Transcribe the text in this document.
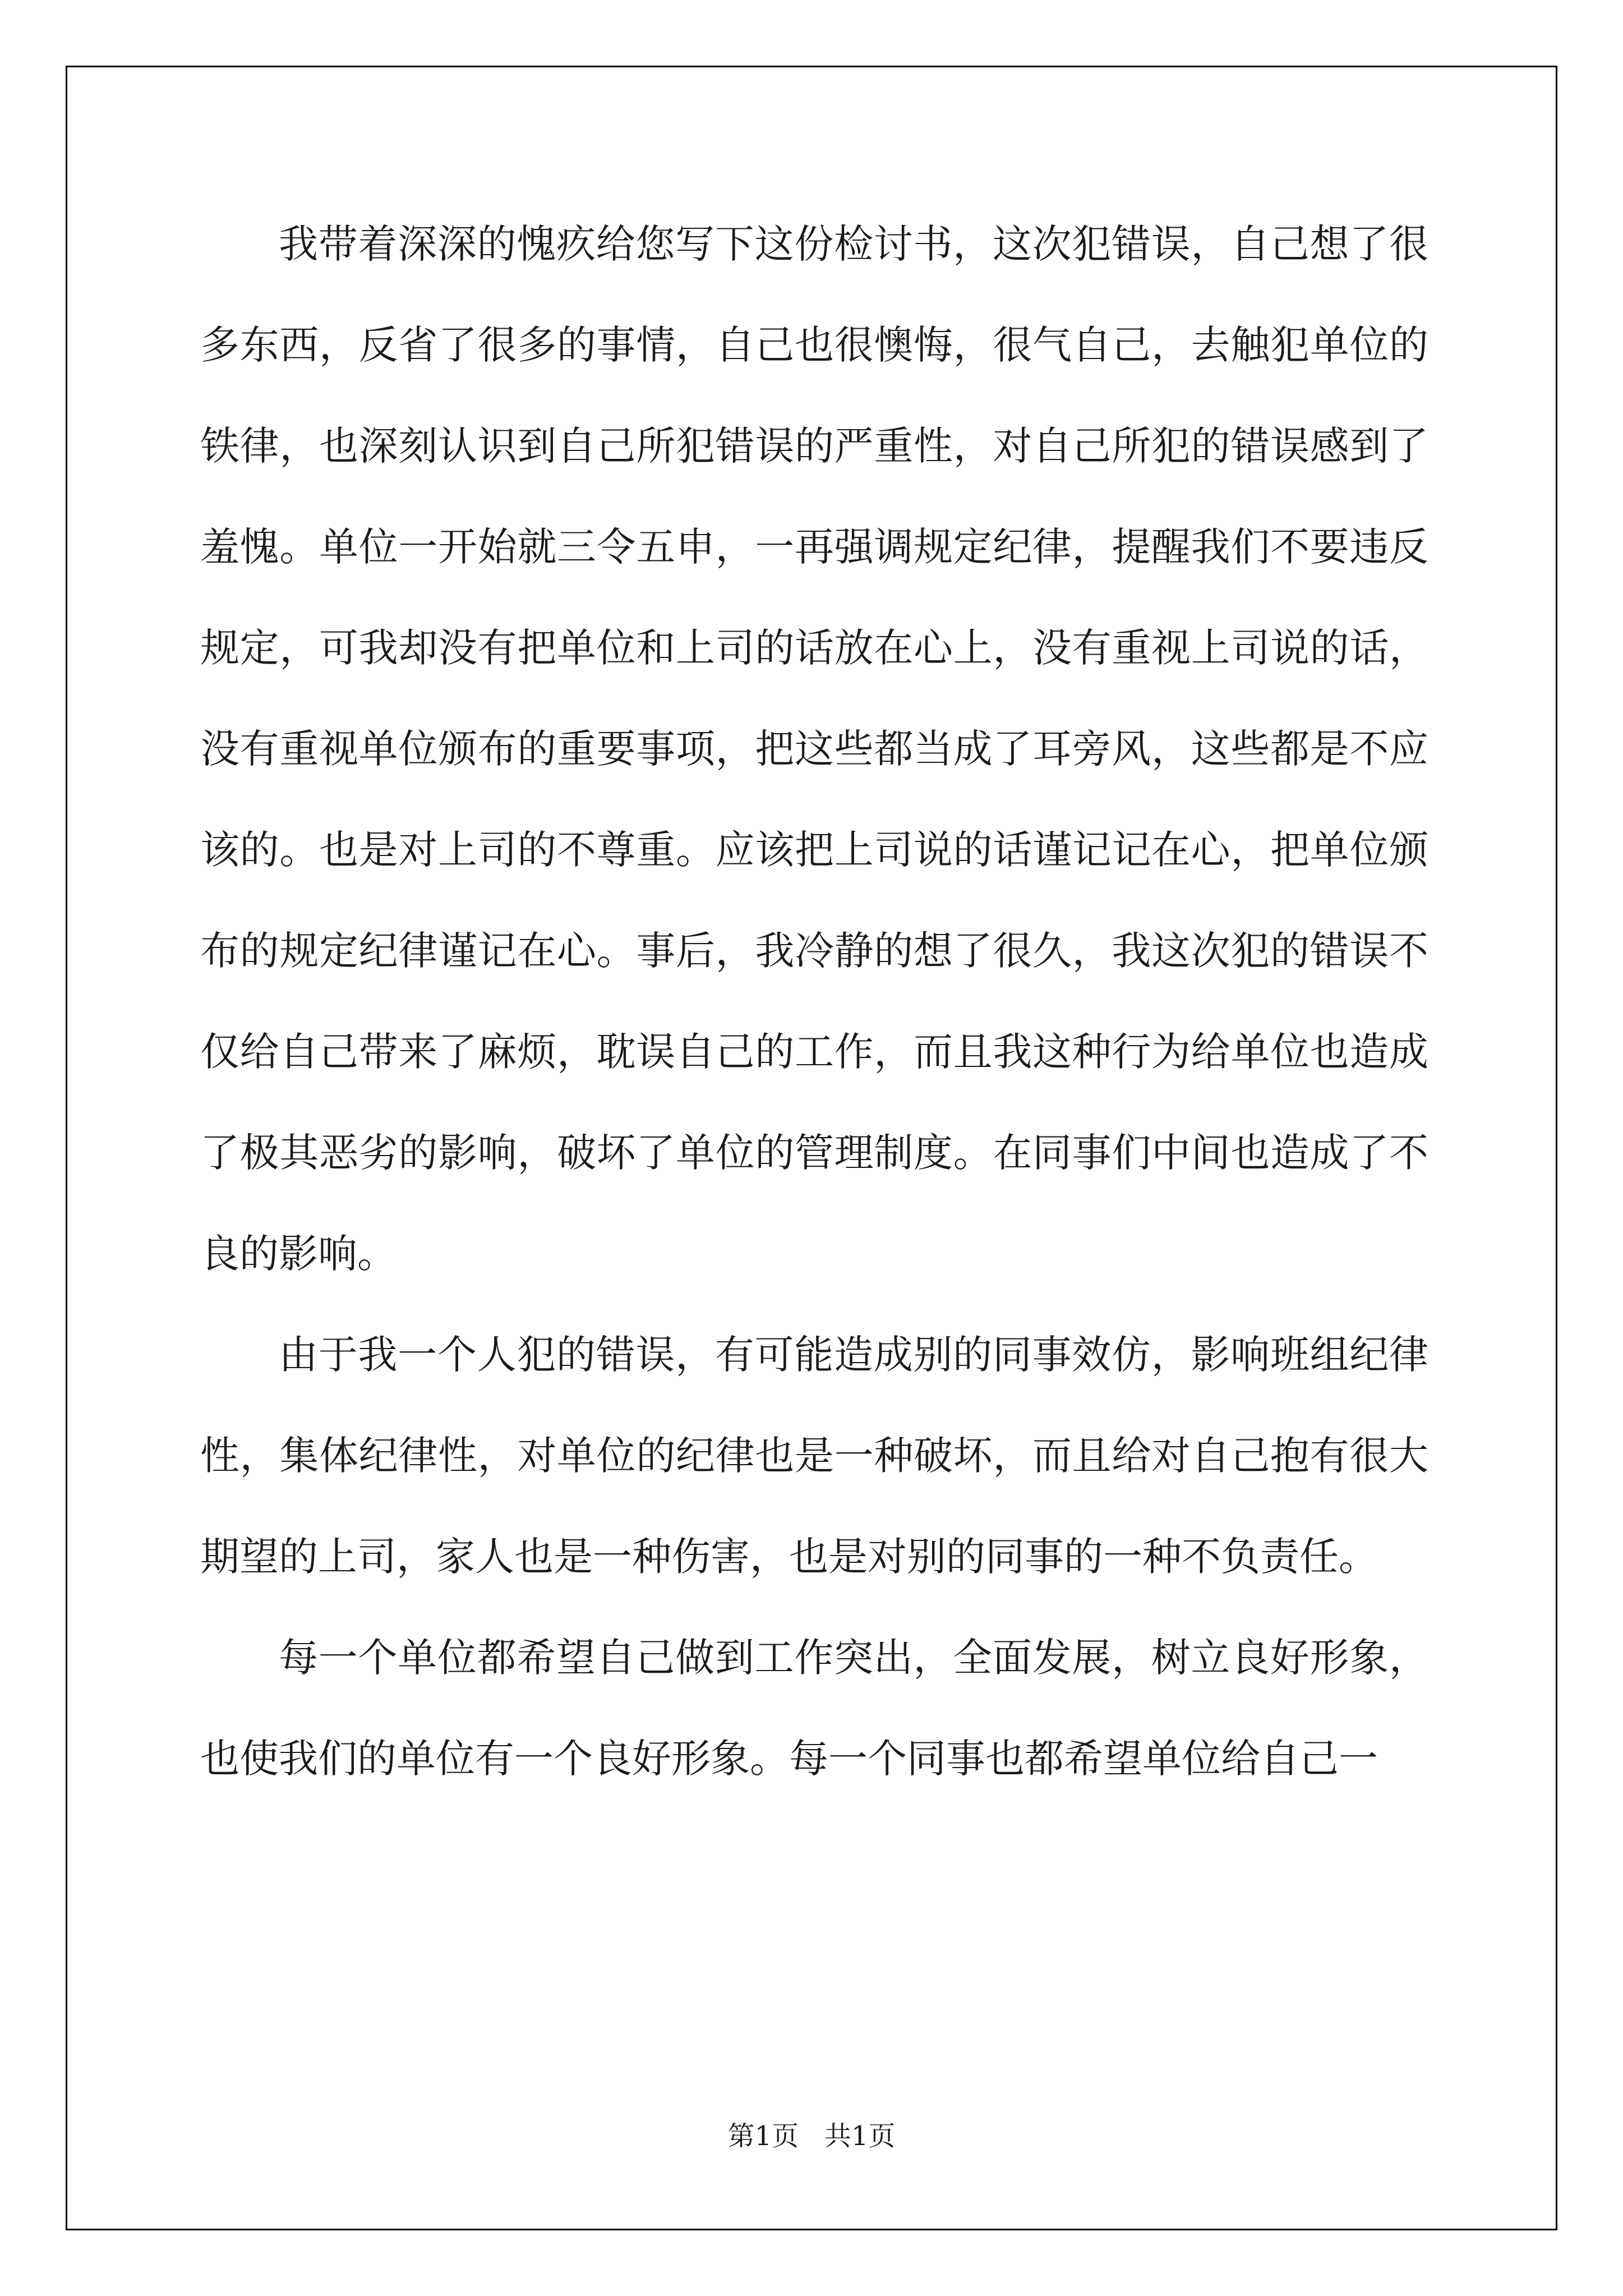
我带着深深的愧疚给您写下这份检讨书，这次犯错误，自己想了很多东西，反省了很多的事情，自己也很懊悔，很气自己，去触犯单位的铁律，也深刻认识到自己所犯错误的严重性，对自己所犯的错误感到了羞愧。单位一开始就三令五申，一再强调规定纪律，提醒我们不要违反规定，可我却没有把单位和上司的话放在心上，没有重视上司说的话，没有重视单位颁布的重要事项，把这些都当成了耳旁风，这些都是不应该的。也是对上司的不尊重。应该把上司说的话谨记记在心，把单位颁布的规定纪律谨记在心。事后，我冷静的想了很久，我这次犯的错误不仅给自己带来了麻烦，耽误自己的工作，而且我这种行为给单位也造成了极其恶劣的影响，破坏了单位的管理制度。在同事们中间也造成了不良的影响。

由于我一个人犯的错误，有可能造成别的同事效仿，影响班组纪律性，集体纪律性，对单位的纪律也是一种破坏，而且给对自己抱有很大期望的上司，家人也是一种伤害，也是对别的同事的一种不负责任。

每一个单位都希望自己做到工作突出，全面发展，树立良好形象，也使我们的单位有一个良好形象。每一个同事也都希望单位给自己一

第1页   共1页
